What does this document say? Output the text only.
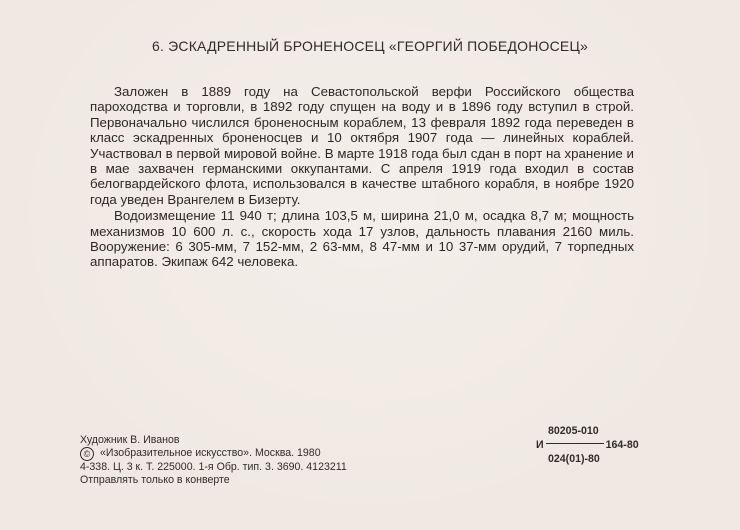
6. ЭСКАДРЕННЫЙ БРОНЕНОСЕЦ «ГЕОРГИЙ ПОБЕДОНОСЕЦ»

Заложен в 1889 году на Севастопольской верфи Российского общества пароходства и торговли, в 1892 году спущен на воду и в 1896 году вступил в строй. Первоначально числился броненосным кораблем, 13 февраля 1892 года переведен в класс эскадренных броненосцев и 10 октября 1907 года — линейных кораблей. Участвовал в первой мировой войне. В марте 1918 года был сдан в порт на хранение и в мае захвачен германскими оккупантами. С апреля 1919 года входил в состав белогвардейского флота, использовался в качестве штабного корабля, в ноябре 1920 года уведен Врангелем в Бизерту.

Водоизмещение 11 940 т; длина 103,5 м, ширина 21,0 м, осадка 8,7 м; мощность механизмов 10 600 л. с., скорость хода 17 узлов, дальность плавания 2160 миль. Вооружение: 6 305-мм, 7 152-мм, 2 63-мм, 8 47-мм и 10 37-мм орудий, 7 торпедных аппаратов. Экипаж 642 человека.

Художник В. Иванов
© «Изобразительное искусство». Москва. 1980
4-338. Ц. 3 к. Т. 225000. 1-я Обр. тип. 3. 3690. 4123211
Отправлять только в конверте
80205-010
И	164-80
024(01)-80
